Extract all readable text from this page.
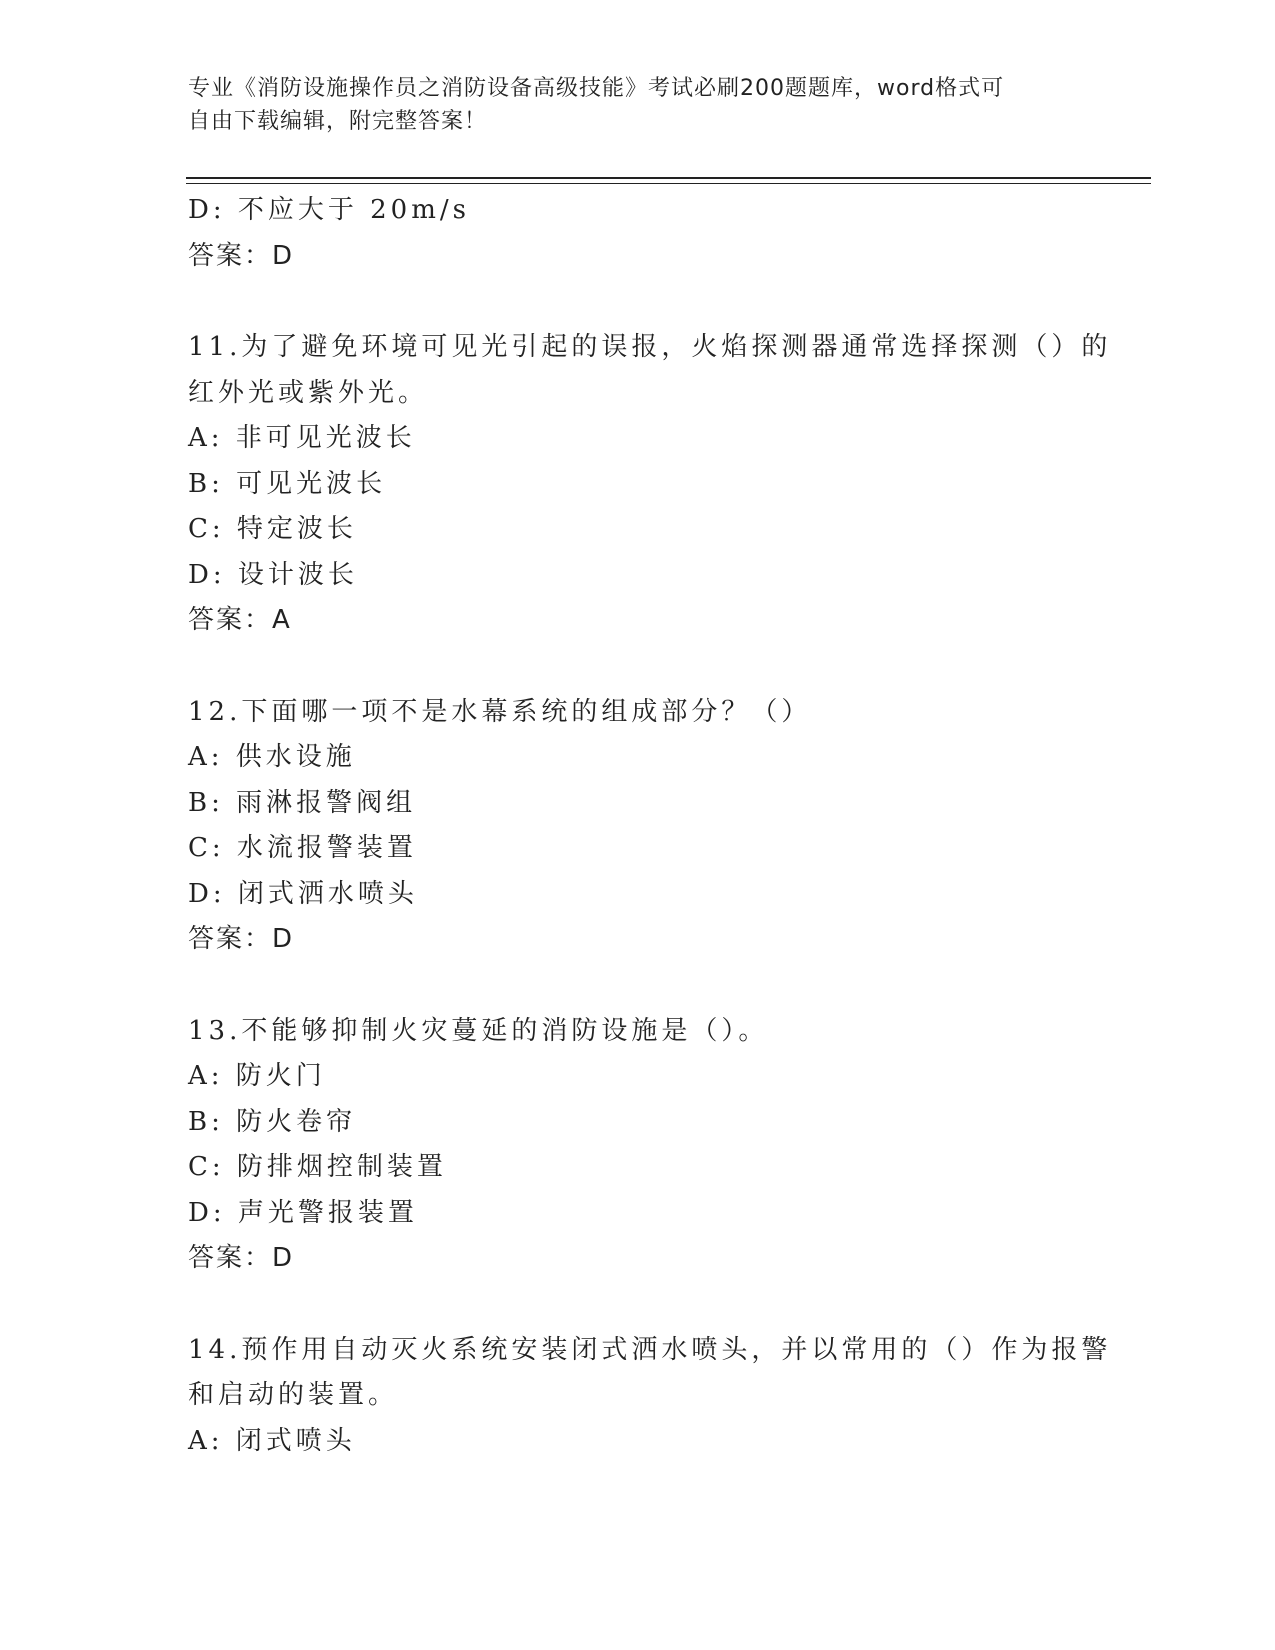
专业《消防设施操作员之消防设备高级技能》考试必刷200题题库，word格式可
自由下载编辑，附完整答案！
D: 不应大于 20m/s
答案：D
11.为了避免环境可见光引起的误报，火焰探测器通常选择探测（）的
红外光或紫外光。
A: 非可见光波长
B: 可见光波长
C: 特定波长
D: 设计波长
答案：A
12.下面哪一项不是水幕系统的组成部分？（）
A: 供水设施
B: 雨淋报警阀组
C: 水流报警装置
D: 闭式洒水喷头
答案：D
13.不能够抑制火灾蔓延的消防设施是（）。
A: 防火门
B: 防火卷帘
C: 防排烟控制装置
D: 声光警报装置
答案：D
14.预作用自动灭火系统安装闭式洒水喷头，并以常用的（）作为报警
和启动的装置。
A: 闭式喷头
